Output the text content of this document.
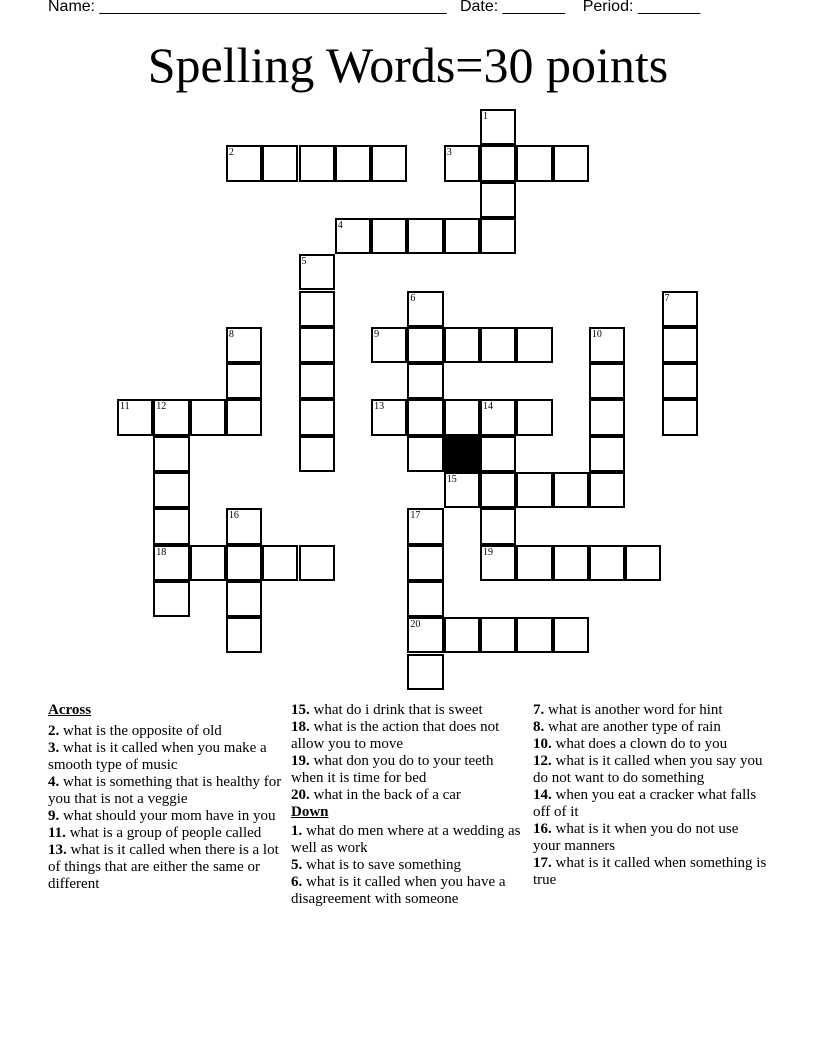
Name: _______________________________________ Date: _______ Period: _______
Spelling Words=30 points
1
2	3
4
5
6	7
8	9	10
11	12
18
13	14
19
15
16	17
20
Across
2. what is the opposite of old
3. what is it called when you make a smooth type of music
4. what is something that is healthy for you that is not a veggie
9. what should your mom have in you
11. what is a group of people called
13. what is it called when there is a lot of things that are either the same or different
15. what do i drink that is sweet
18. what is the action that does not allow you to move
19. what don you do to your teeth when it is time for bed
20. what in the back of a car
Down
1. what do men where at a wedding as well as work
5. what is to save something
6. what is it called when you have a disagreement with someone
7. what is another word for hint
8. what are another type of rain
10. what does a clown do to you
12. what is it called when you say you do not want to do something
14. when you eat a cracker what falls off of it
16. what is it when you do not use your manners
17. what is it called when something is true
